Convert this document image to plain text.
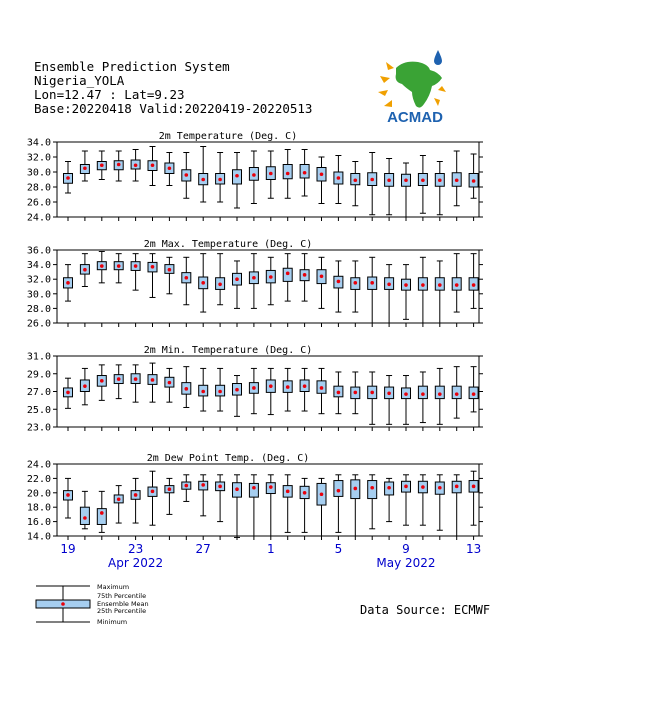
Ensemble Prediction System
Nigeria_YOLA
Lon=12.47 : Lat=9.23
Base:20220418 Valid:20220419-20220513
ACMAD
Maximum
75th Percentile
Ensemble Mean
25th Percentile
Minimum
2m Temperature (Deg. C)
24.0
26.0
28.0
30.0
32.0
34.0
2m Max. Temperature (Deg. C)
26.0
28.0
30.0
32.0
34.0
36.0
2m Min. Temperature (Deg. C)
23.0
25.0
27.0
29.0
31.0
2m Dew Point Temp. (Deg. C)
14.0
16.0
18.0
20.0
22.0
24.0
19	23	27	1	5	9	13
Apr 2022	May 2022
Data Source: ECMWF
